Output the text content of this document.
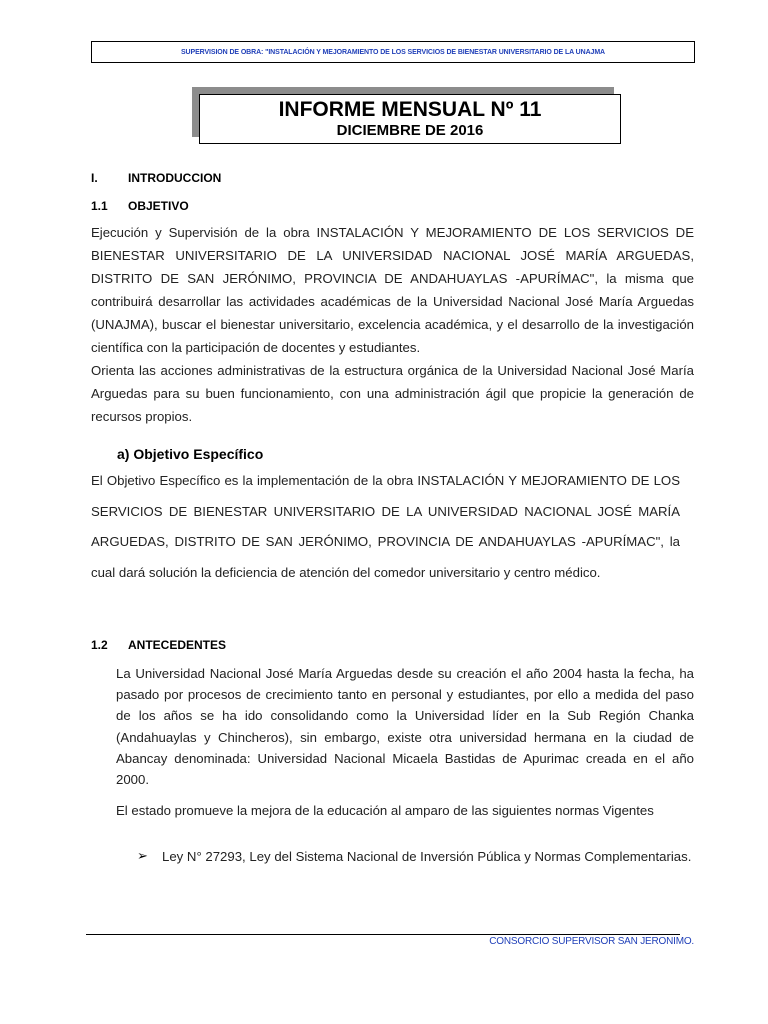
SUPERVISION DE OBRA: "INSTALACIÓN Y MEJORAMIENTO DE LOS SERVICIOS DE BIENESTAR UNIVERSITARIO DE LA UNAJMA
INFORME MENSUAL Nº 11
DICIEMBRE DE 2016
I.	INTRODUCCION
1.1 OBJETIVO

Ejecución y Supervisión de la obra INSTALACIÓN Y MEJORAMIENTO DE LOS SERVICIOS DE BIENESTAR UNIVERSITARIO DE LA UNIVERSIDAD NACIONAL JOSÉ MARÍA ARGUEDAS, DISTRITO DE SAN JERÓNIMO, PROVINCIA DE ANDAHUAYLAS -APURÍMAC", la misma que contribuirá desarrollar las actividades académicas de la Universidad Nacional José María Arguedas (UNAJMA), buscar el bienestar universitario, excelencia académica, y el desarrollo de la investigación científica con la participación de docentes y estudiantes.

Orienta las acciones administrativas de la estructura orgánica de la Universidad Nacional José María Arguedas para su buen funcionamiento, con una administración ágil que propicie la generación de recursos propios.

a) Objetivo Específico
El Objetivo Específico es la implementación de la obra INSTALACIÓN Y MEJORAMIENTO DE LOS SERVICIOS DE BIENESTAR UNIVERSITARIO DE LA UNIVERSIDAD NACIONAL JOSÉ MARÍA ARGUEDAS, DISTRITO DE SAN JERÓNIMO, PROVINCIA DE ANDAHUAYLAS -APURÍMAC", la cual dará solución la deficiencia de atención del comedor universitario y centro médico.
1.2 ANTECEDENTES
La Universidad Nacional José María Arguedas desde su creación el año 2004 hasta la fecha, ha pasado por procesos de crecimiento tanto en personal y estudiantes, por ello a medida del paso de los años se ha ido consolidando como la Universidad líder en la Sub Región Chanka (Andahuaylas y Chincheros), sin embargo, existe otra universidad hermana en la ciudad de Abancay denominada: Universidad Nacional Micaela Bastidas de Apurimac creada en el año 2000.
El estado promueve la mejora de la educación al amparo de las siguientes normas Vigentes
➢ Ley N° 27293, Ley del Sistema Nacional de Inversión Pública y Normas Complementarias.
CONSORCIO SUPERVISOR SAN JERONIMO.
